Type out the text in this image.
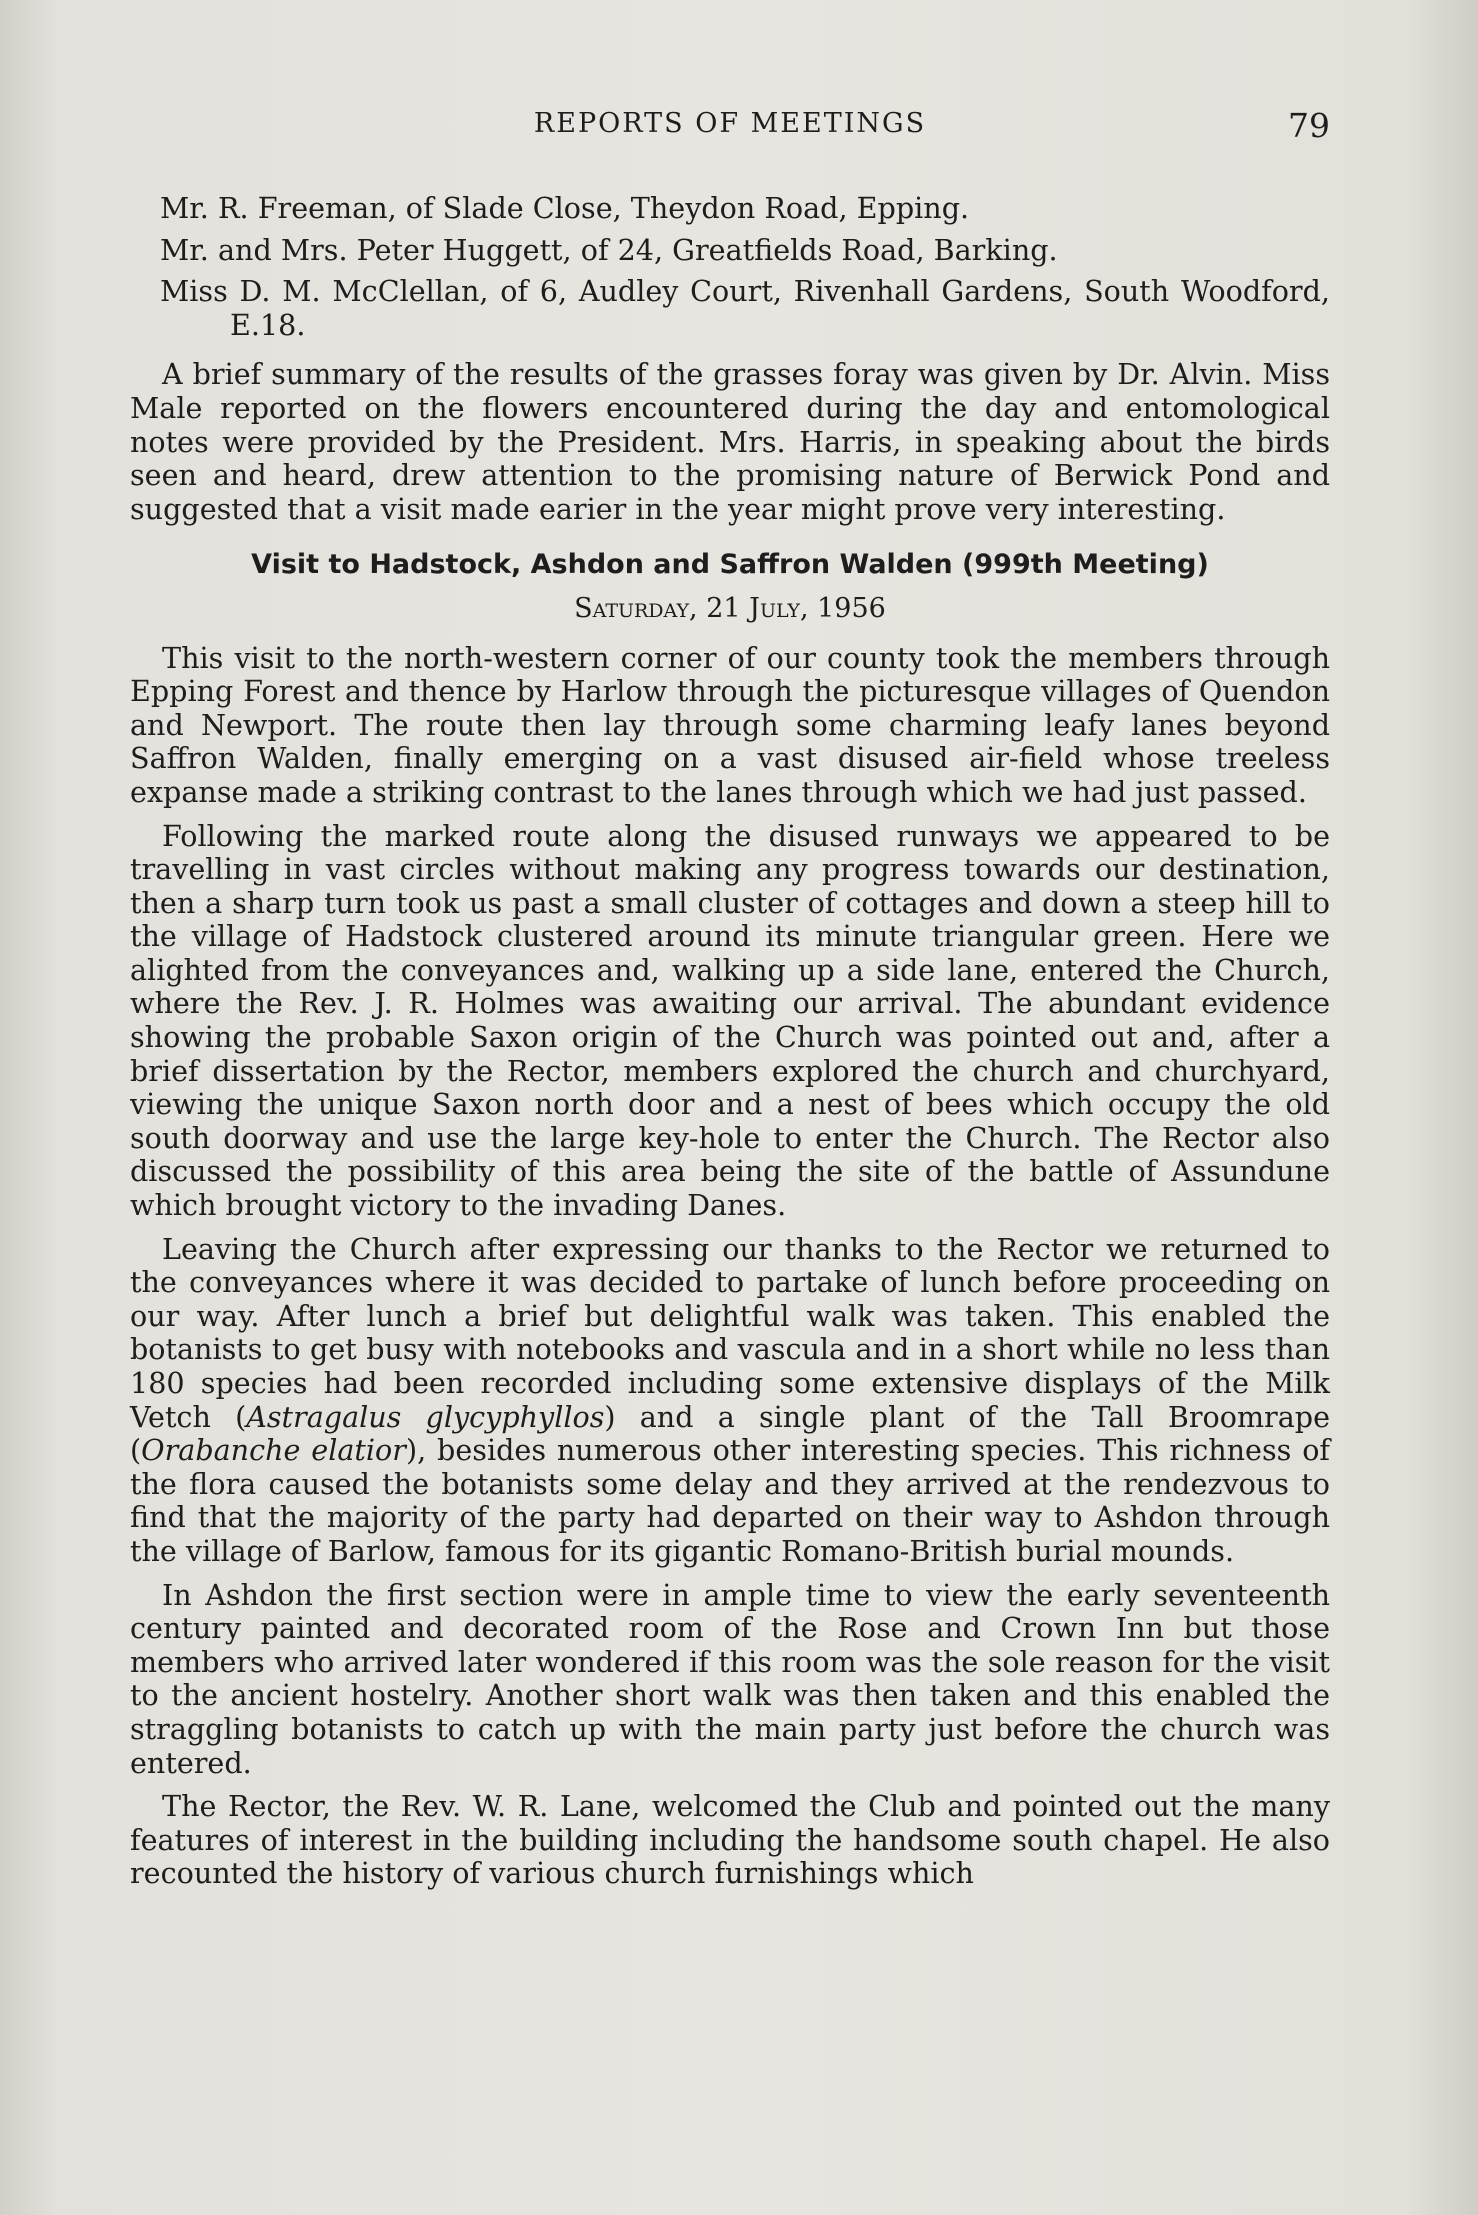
REPORTS OF MEETINGS	79
Mr. R. Freeman, of Slade Close, Theydon Road, Epping.
Mr. and Mrs. Peter Huggett, of 24, Greatfields Road, Barking.
Miss D. M. McClellan, of 6, Audley Court, Rivenhall Gardens, South Woodford, E.18.

A brief summary of the results of the grasses foray was given by Dr. Alvin. Miss Male reported on the flowers encountered during the day and entomological notes were provided by the President. Mrs. Harris, in speaking about the birds seen and heard, drew attention to the promising nature of Berwick Pond and suggested that a visit made earier in the year might prove very interesting.

Visit to Hadstock, Ashdon and Saffron Walden (999th Meeting)
Saturday, 21 July, 1956

This visit to the north-western corner of our county took the members through Epping Forest and thence by Harlow through the picturesque villages of Quendon and Newport. The route then lay through some charming leafy lanes beyond Saffron Walden, finally emerging on a vast disused air-field whose treeless expanse made a striking contrast to the lanes through which we had just passed.

Following the marked route along the disused runways we appeared to be travelling in vast circles without making any progress towards our destination, then a sharp turn took us past a small cluster of cottages and down a steep hill to the village of Hadstock clustered around its minute triangular green. Here we alighted from the conveyances and, walking up a side lane, entered the Church, where the Rev. J. R. Holmes was awaiting our arrival. The abundant evidence showing the probable Saxon origin of the Church was pointed out and, after a brief dissertation by the Rector, members explored the church and churchyard, viewing the unique Saxon north door and a nest of bees which occupy the old south doorway and use the large key-hole to enter the Church. The Rector also discussed the possibility of this area being the site of the battle of Assundune which brought victory to the invading Danes.

Leaving the Church after expressing our thanks to the Rector we returned to the conveyances where it was decided to partake of lunch before proceeding on our way. After lunch a brief but delightful walk was taken. This enabled the botanists to get busy with notebooks and vascula and in a short while no less than 180 species had been recorded including some extensive displays of the Milk Vetch (Astragalus glycyphyllos) and a single plant of the Tall Broomrape (Orabanche elatior), besides numerous other interesting species. This richness of the flora caused the botanists some delay and they arrived at the rendezvous to find that the majority of the party had departed on their way to Ashdon through the village of Barlow, famous for its gigantic Romano-British burial mounds.

In Ashdon the first section were in ample time to view the early seventeenth century painted and decorated room of the Rose and Crown Inn but those members who arrived later wondered if this room was the sole reason for the visit to the ancient hostelry. Another short walk was then taken and this enabled the straggling botanists to catch up with the main party just before the church was entered.

The Rector, the Rev. W. R. Lane, welcomed the Club and pointed out the many features of interest in the building including the handsome south chapel. He also recounted the history of various church furnishings which
